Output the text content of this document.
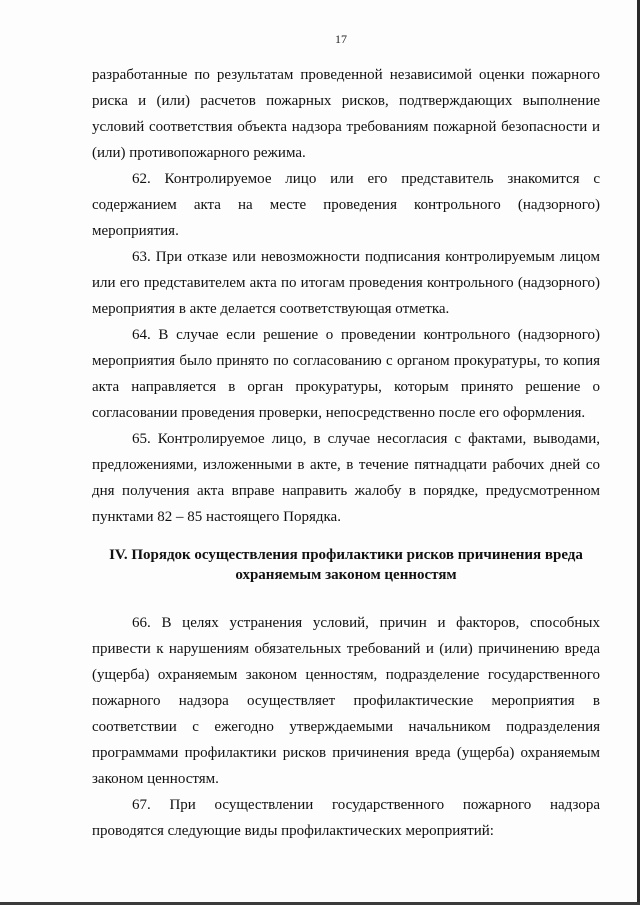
17

разработанные по результатам проведенной независимой оценки пожарного риска и (или) расчетов пожарных рисков, подтверждающих выполнение условий соответствия объекта надзора требованиям пожарной безопасности и (или) противопожарного режима.

62. Контролируемое лицо или его представитель знакомится с содержанием акта на месте проведения контрольного (надзорного) мероприятия.

63. При отказе или невозможности подписания контролируемым лицом или его представителем акта по итогам проведения контрольного (надзорного) мероприятия в акте делается соответствующая отметка.

64. В случае если решение о проведении контрольного (надзорного) мероприятия было принято по согласованию с органом прокуратуры, то копия акта направляется в орган прокуратуры, которым принято решение о согласовании проведения проверки, непосредственно после его оформления.

65. Контролируемое лицо, в случае несогласия с фактами, выводами, предложениями, изложенными в акте, в течение пятнадцати рабочих дней со дня получения акта вправе направить жалобу в порядке, предусмотренном пунктами 82 – 85 настоящего Порядка.

IV. Порядок осуществления профилактики рисков причинения вреда
охраняемым законом ценностям

66. В целях устранения условий, причин и факторов, способных привести к нарушениям обязательных требований и (или) причинению вреда (ущерба) охраняемым законом ценностям, подразделение государственного пожарного надзора осуществляет профилактические мероприятия в соответствии с ежегодно утверждаемыми начальником подразделения программами профилактики рисков причинения вреда (ущерба) охраняемым законом ценностям.

67. При осуществлении государственного пожарного надзора проводятся следующие виды профилактических мероприятий:
